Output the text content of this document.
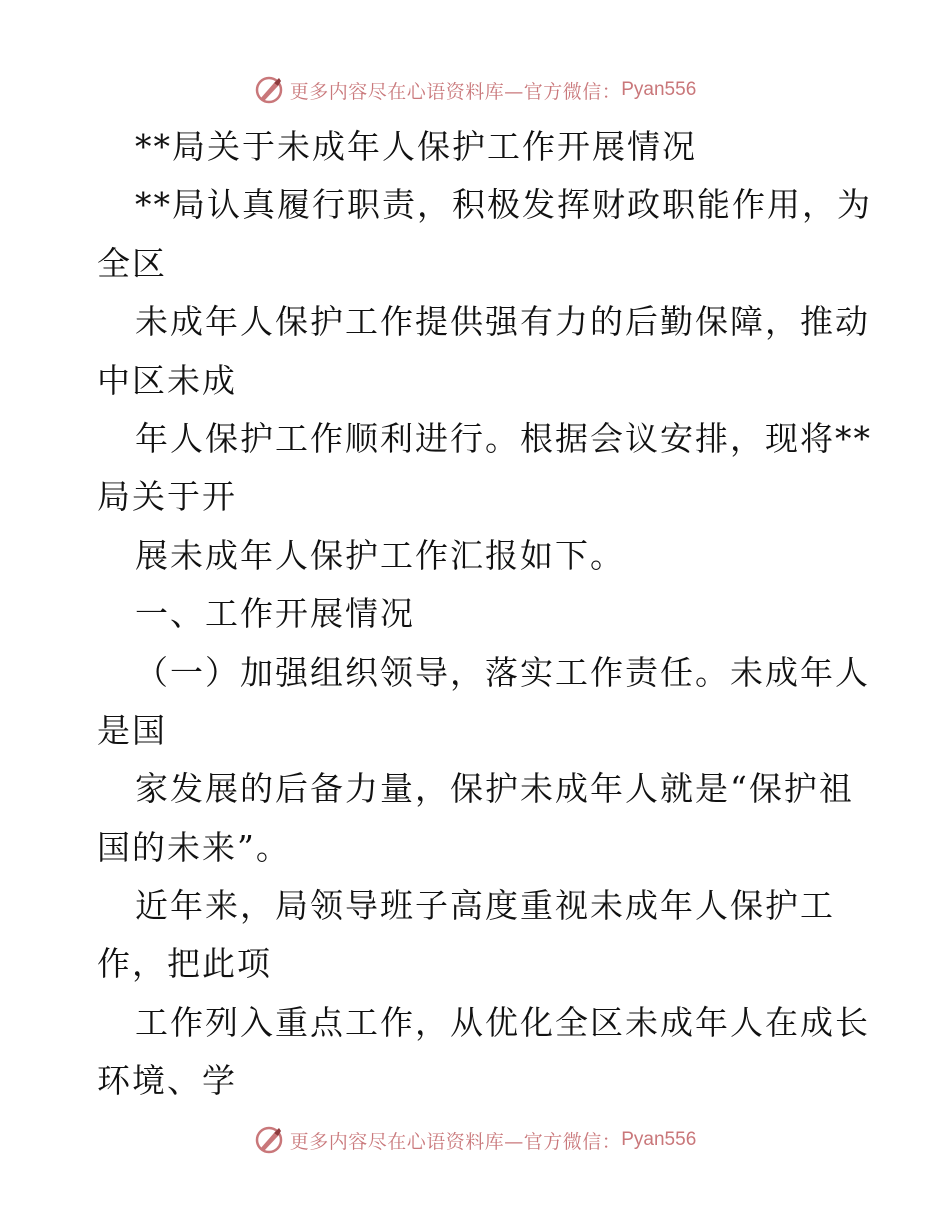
更多内容尽在心语资料库—官方微信： Pyan556
**局关于未成年人保护工作开展情况
**局认真履行职责，积极发挥财政职能作用，为
全区
未成年人保护工作提供强有力的后勤保障，推动
中区未成
年人保护工作顺利进行。根据会议安排，现将**
局关于开
展未成年人保护工作汇报如下。
一、工作开展情况
（一）加强组织领导，落实工作责任。未成年人
是国
家发展的后备力量，保护未成年人就是“保护祖
国的未来”。
近年来，局领导班子高度重视未成年人保护工
作，把此项
工作列入重点工作，从优化全区未成年人在成长
环境、学
更多内容尽在心语资料库—官方微信： Pyan556
